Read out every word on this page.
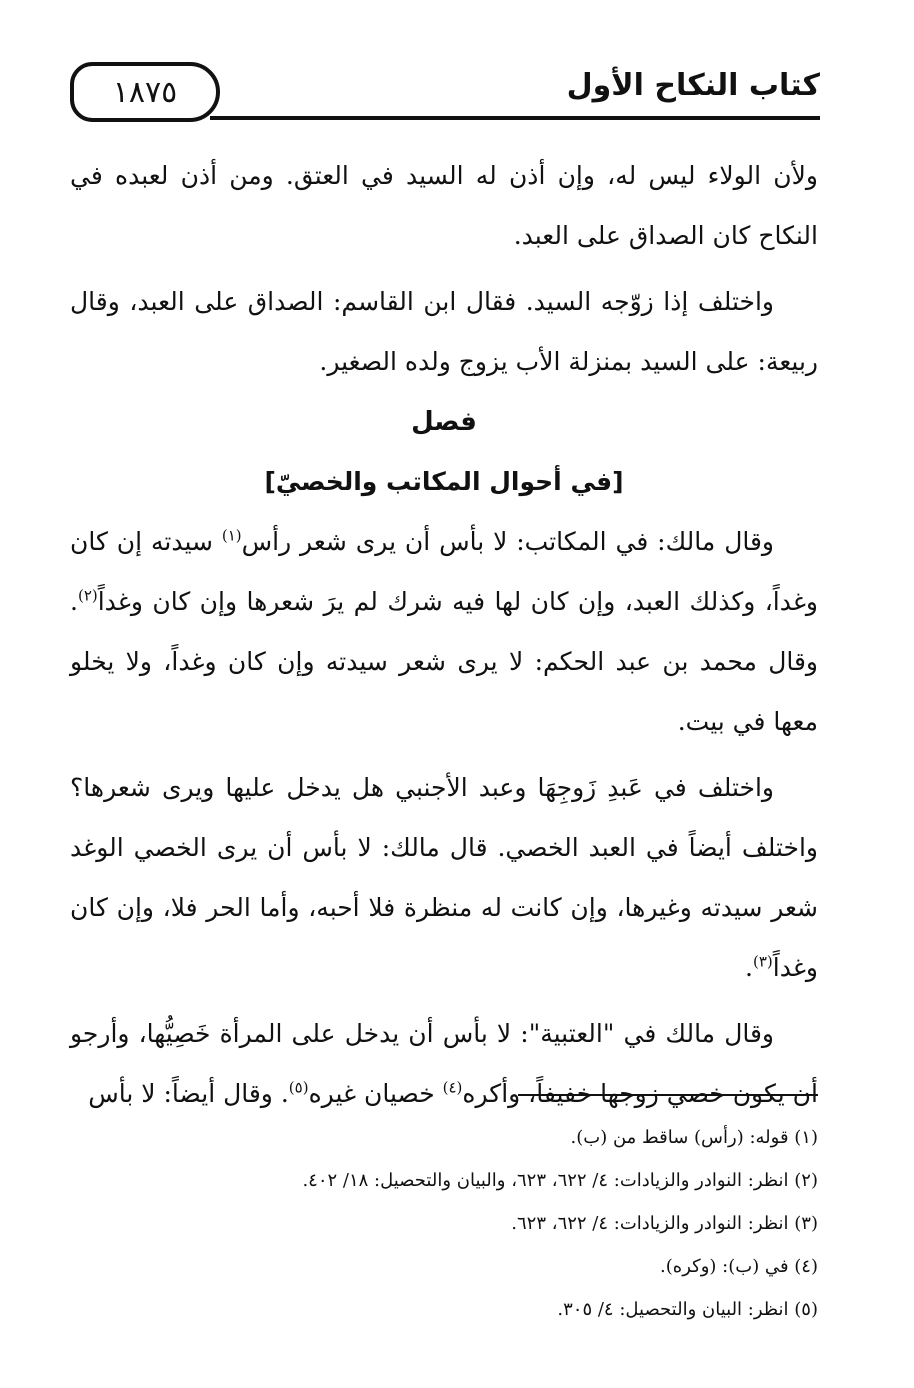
كتاب النكاح الأول
١٨٧٥

ولأن الولاء ليس له، وإن أذن له السيد في العتق. ومن أذن لعبده في النكاح كان الصداق على العبد.

واختلف إذا زوّجه السيد. فقال ابن القاسم: الصداق على العبد، وقال ربيعة: على السيد بمنزلة الأب يزوج ولده الصغير.

فصل
[في أحوال المكاتب والخصيّ]

وقال مالك: في المكاتب: لا بأس أن يرى شعر رأس$^{(١)}$ سيدته إن كان وغداً، وكذلك العبد، وإن كان لها فيه شرك لم يرَ شعرها وإن كان وغداً$^{(٢)}$. وقال محمد بن عبد الحكم: لا يرى شعر سيدته وإن كان وغداً، ولا يخلو معها في بيت.

واختلف في عَبدِ زَوجِهَا وعبد الأجنبي هل يدخل عليها ويرى شعرها؟ واختلف أيضاً في العبد الخصي. قال مالك: لا بأس أن يرى الخصي الوغد شعر سيدته وغيرها، وإن كانت له منظرة فلا أحبه، وأما الحر فلا، وإن كان وغداً$^{(٣)}$.

وقال مالك في "العتبية": لا بأس أن يدخل على المرأة خَصِيُّها، وأرجو أن يكون خصي زوجها خفيفاً، وأكره$^{(٤)}$ خصيان غيره$^{(٥)}$. وقال أيضاً: لا بأس

(١) قوله: (رأس) ساقط من (ب).
(٢) انظر: النوادر والزيادات: ٤/ ٦٢٢، ٦٢٣، والبيان والتحصيل: ١٨/ ٤٠٢.
(٣) انظر: النوادر والزيادات: ٤/ ٦٢٢، ٦٢٣.
(٤) في (ب): (وكره).
(٥) انظر: البيان والتحصيل: ٤/ ٣٠٥.
